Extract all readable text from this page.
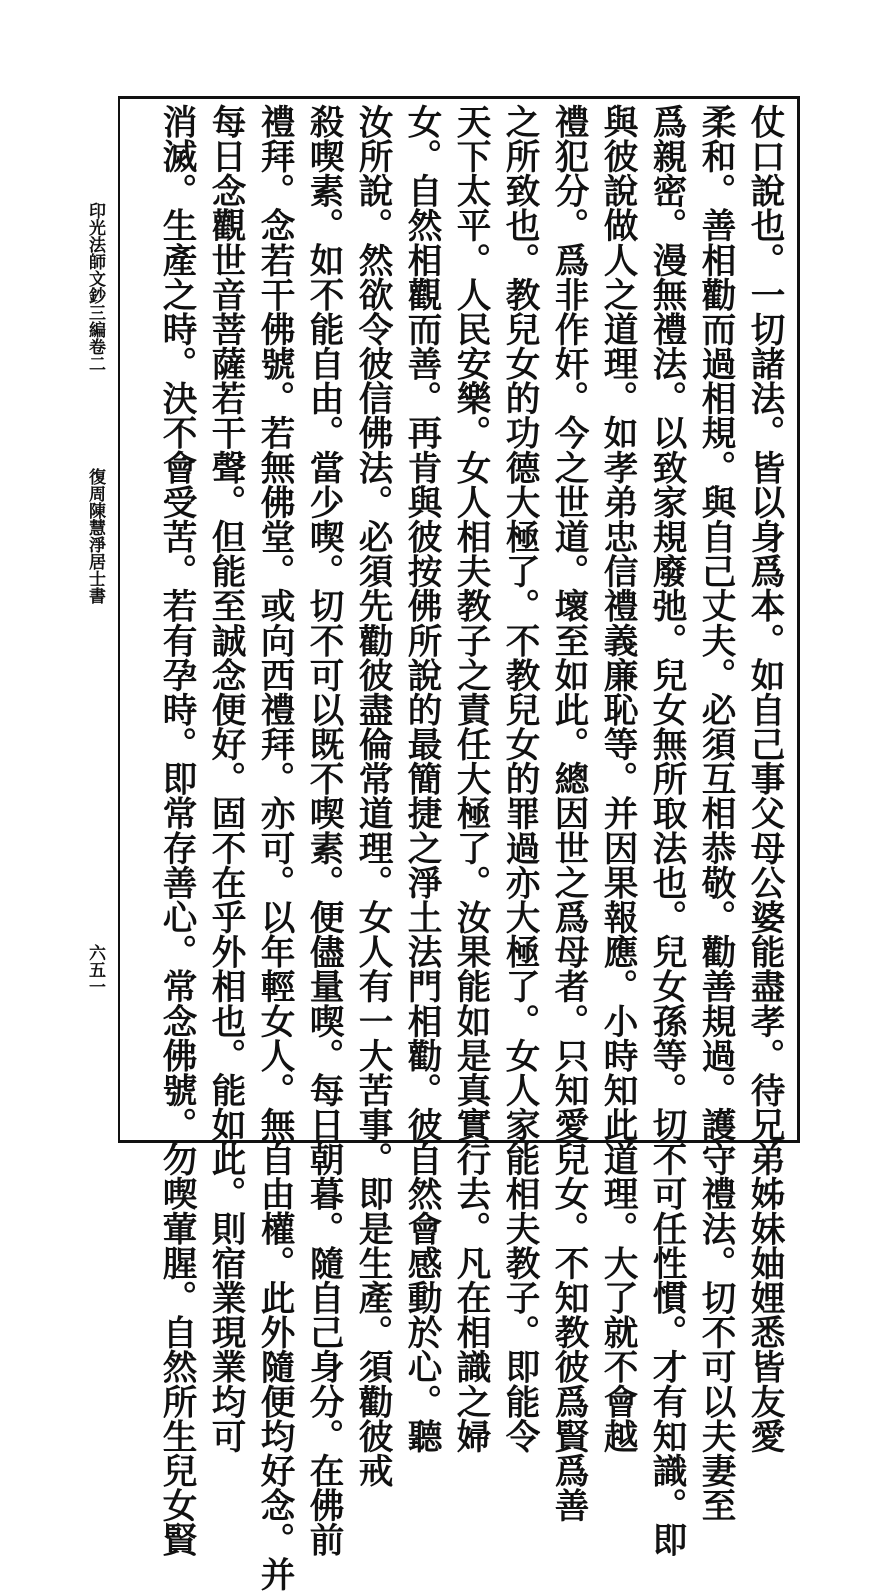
印光法師文鈔三編卷二
復周陳慧淨居士書
六五一	仗口說也。一切諸法。皆以身爲本。如自己事父母公婆能盡孝。待兄弟姊妹妯娌悉皆友愛
柔和。善相勸而過相規。與自己丈夫。必須互相恭敬。勸善規過。護守禮法。切不可以夫妻至
爲親密。漫無禮法。以致家規廢弛。兒女無所取法也。兒女孫等。切不可任性慣。才有知識。即
與彼說做人之道理。如孝弟忠信禮義廉恥等。并因果報應。小時知此道理。大了就不會越
禮犯分。爲非作奸。今之世道。壞至如此。總因世之爲母者。只知愛兒女。不知教彼爲賢爲善
之所致也。教兒女的功德大極了。不教兒女的罪過亦大極了。女人家能相夫教子。即能令
天下太平。人民安樂。女人相夫教子之責任大極了。汝果能如是真實行去。凡在相識之婦
女。自然相觀而善。再肯與彼按佛所說的最簡捷之淨土法門相勸。彼自然會感動於心。聽
汝所說。然欲令彼信佛法。必須先勸彼盡倫常道理。女人有一大苦事。即是生產。須勸彼戒
殺喫素。如不能自由。當少喫。切不可以既不喫素。便儘量喫。每日朝暮。隨自己身分。在佛前
禮拜。念若干佛號。若無佛堂。或向西禮拜。亦可。以年輕女人。無自由權。此外隨便均好念。并
每日念觀世音菩薩若干聲。但能至誠念便好。固不在乎外相也。能如此。則宿業現業均可
消滅。生產之時。決不會受苦。若有孕時。即常存善心。常念佛號。勿喫葷腥。自然所生兒女賢
